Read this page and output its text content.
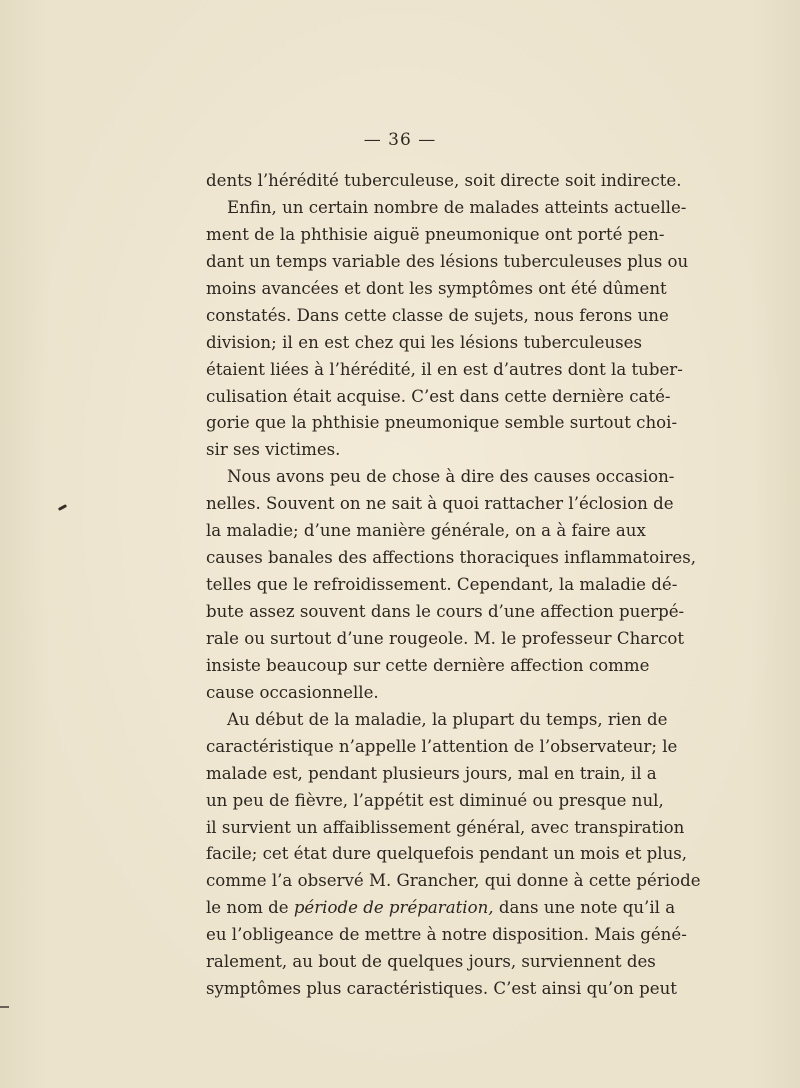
— 36 —
dents l’hérédité tuberculeuse, soit directe soit indirecte.
Enfin, un certain nombre de malades atteints actuelle-
ment de la phthisie aiguë pneumonique ont porté pen-
dant un temps variable des lésions tuberculeuses plus ou
moins avancées et dont les symptômes ont été dûment
constatés. Dans cette classe de sujets, nous ferons une
division; il en est chez qui les lésions tuberculeuses
étaient liées à l’hérédité, il en est d’autres dont la tuber-
culisation était acquise. C’est dans cette dernière caté-
gorie que la phthisie pneumonique semble surtout choi-
sir ses victimes.
Nous avons peu de chose à dire des causes occasion-
nelles. Souvent on ne sait à quoi rattacher l’éclosion de
la maladie; d’une manière générale, on a à faire aux
causes banales des affections thoraciques inflammatoires,
telles que le refroidissement. Cependant, la maladie dé-
bute assez souvent dans le cours d’une affection puerpé-
rale ou surtout d’une rougeole. M. le professeur Charcot
insiste beaucoup sur cette dernière affection comme
cause occasionnelle.
Au début de la maladie, la plupart du temps, rien de
caractéristique n’appelle l’attention de l’observateur; le
malade est, pendant plusieurs jours, mal en train, il a
un peu de fièvre, l’appétit est diminué ou presque nul,
il survient un affaiblissement général, avec transpiration
facile; cet état dure quelquefois pendant un mois et plus,
comme l’a observé M. Grancher, qui donne à cette période
le nom de période de préparation, dans une note qu’il a
eu l’obligeance de mettre à notre disposition. Mais géné-
ralement, au bout de quelques jours, surviennent des
symptômes plus caractéristiques. C’est ainsi qu’on peut
